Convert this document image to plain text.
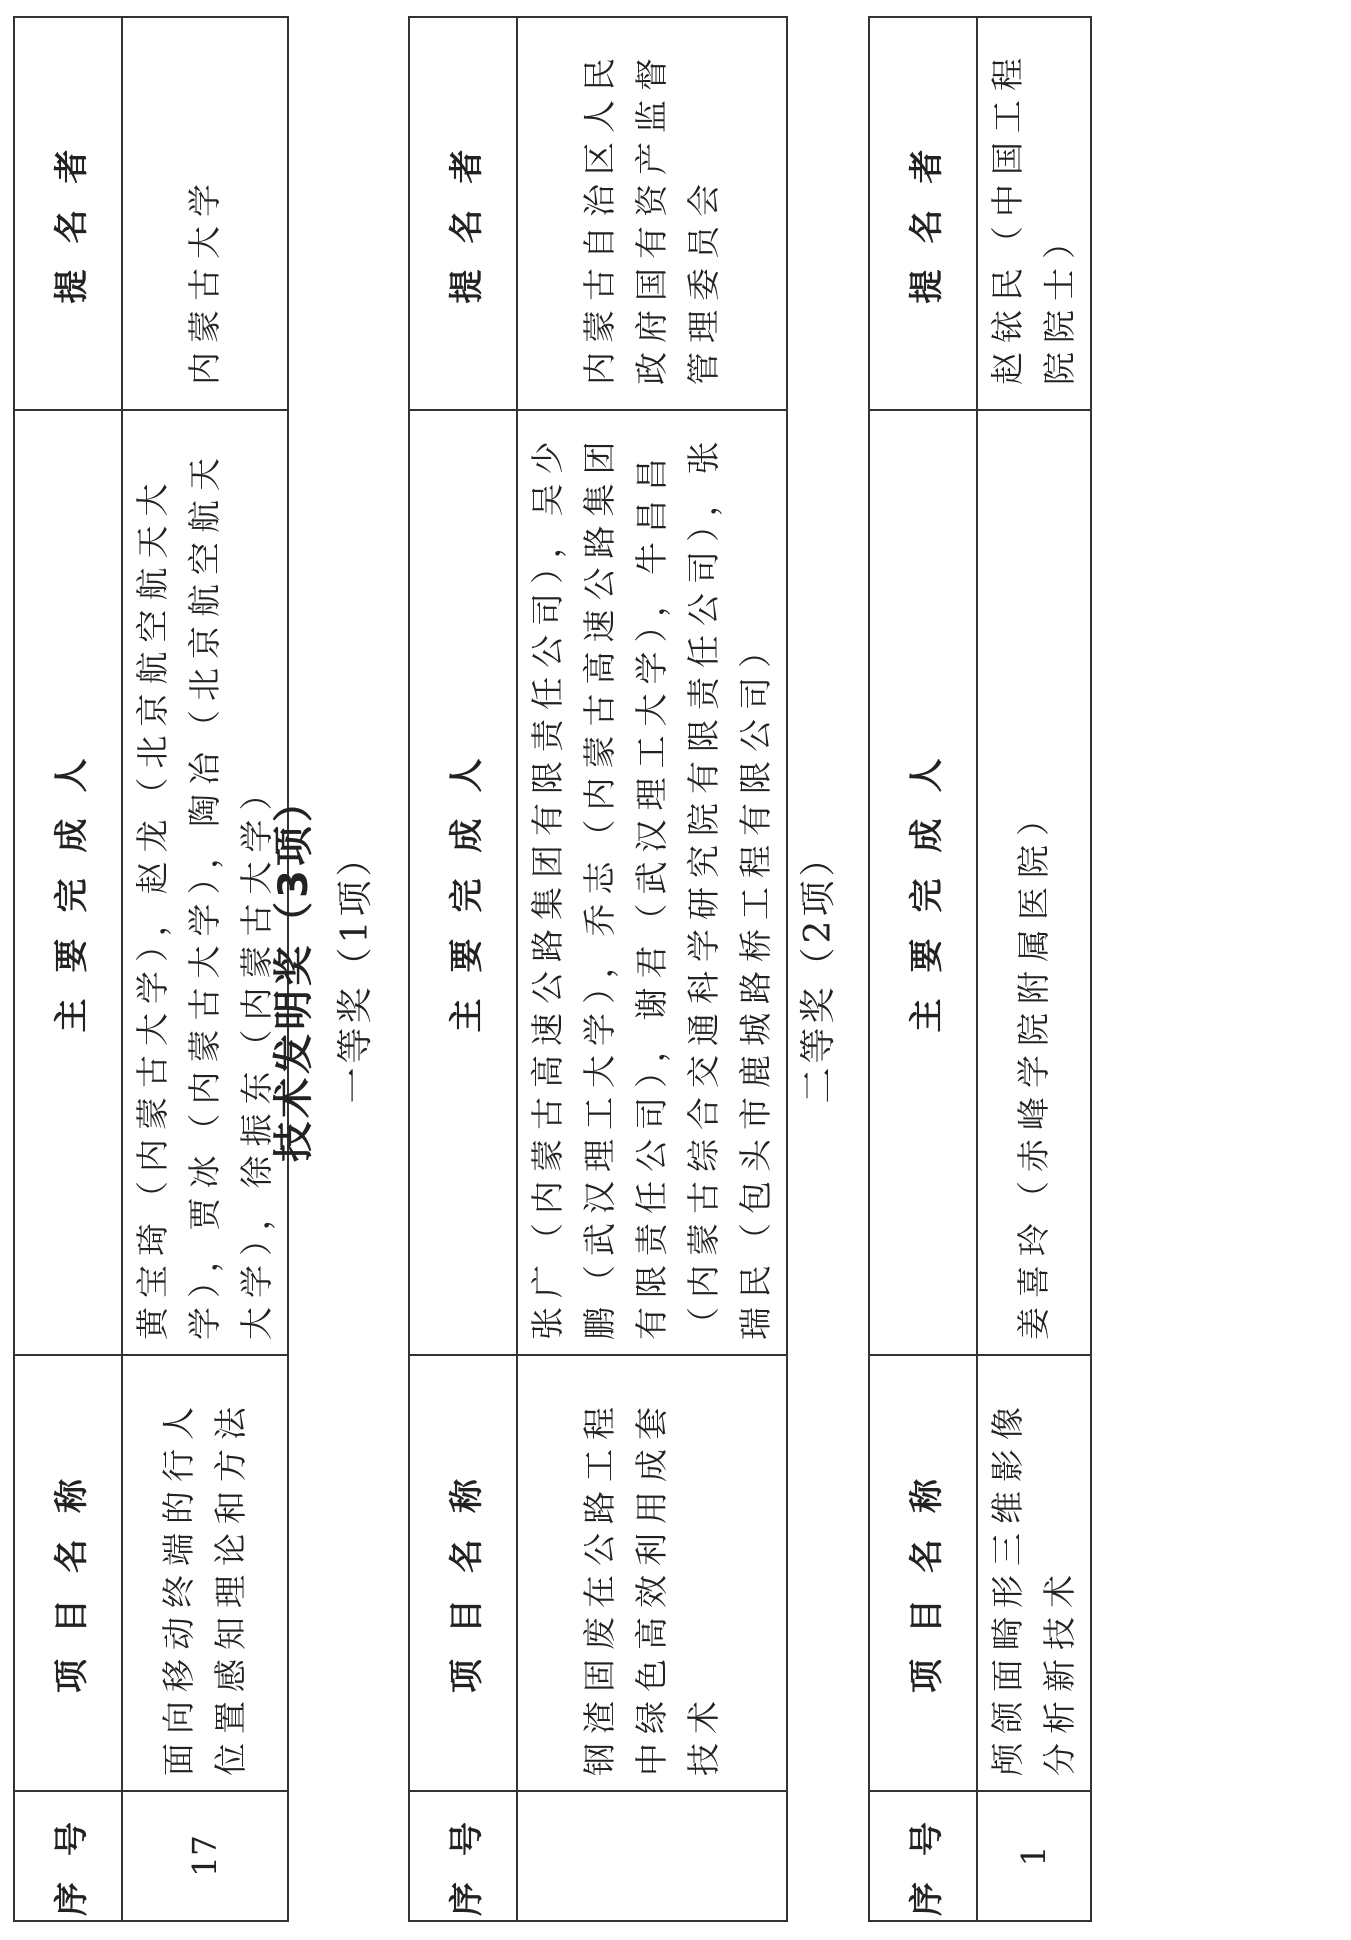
序号	项目名称	主要完成人	提名者
17	面向移动终端的行人位置感知理论和方法	黄宝琦（内蒙古大学），赵龙（北京航空航天大学），贾冰（内蒙古大学），陶冶（北京航空航天大学），徐振东（内蒙古大学）	内蒙古大学
技术发明奖（3项） 一等奖（1项）
序号	项目名称	主要完成人	提名者
	钢渣固废在公路工程中绿色高效利用成套技术	张广（内蒙古高速公路集团有限责任公司），吴少鹏（武汉理工大学），乔志（内蒙古高速公路集团有限责任公司），谢君（武汉理工大学），牛昌昌（内蒙古综合交通科学研究院有限责任公司），张瑞民（包头市鹿城路桥工程有限公司）	内蒙古自治区人民政府国有资产监督管理委员会
二等奖（2项）
序号	项目名称	主要完成人	提名者
1	颅颌面畸形三维影像分析新技术	姜喜玲（赤峰学院附属医院）	赵铱民（中国工程院院士）
